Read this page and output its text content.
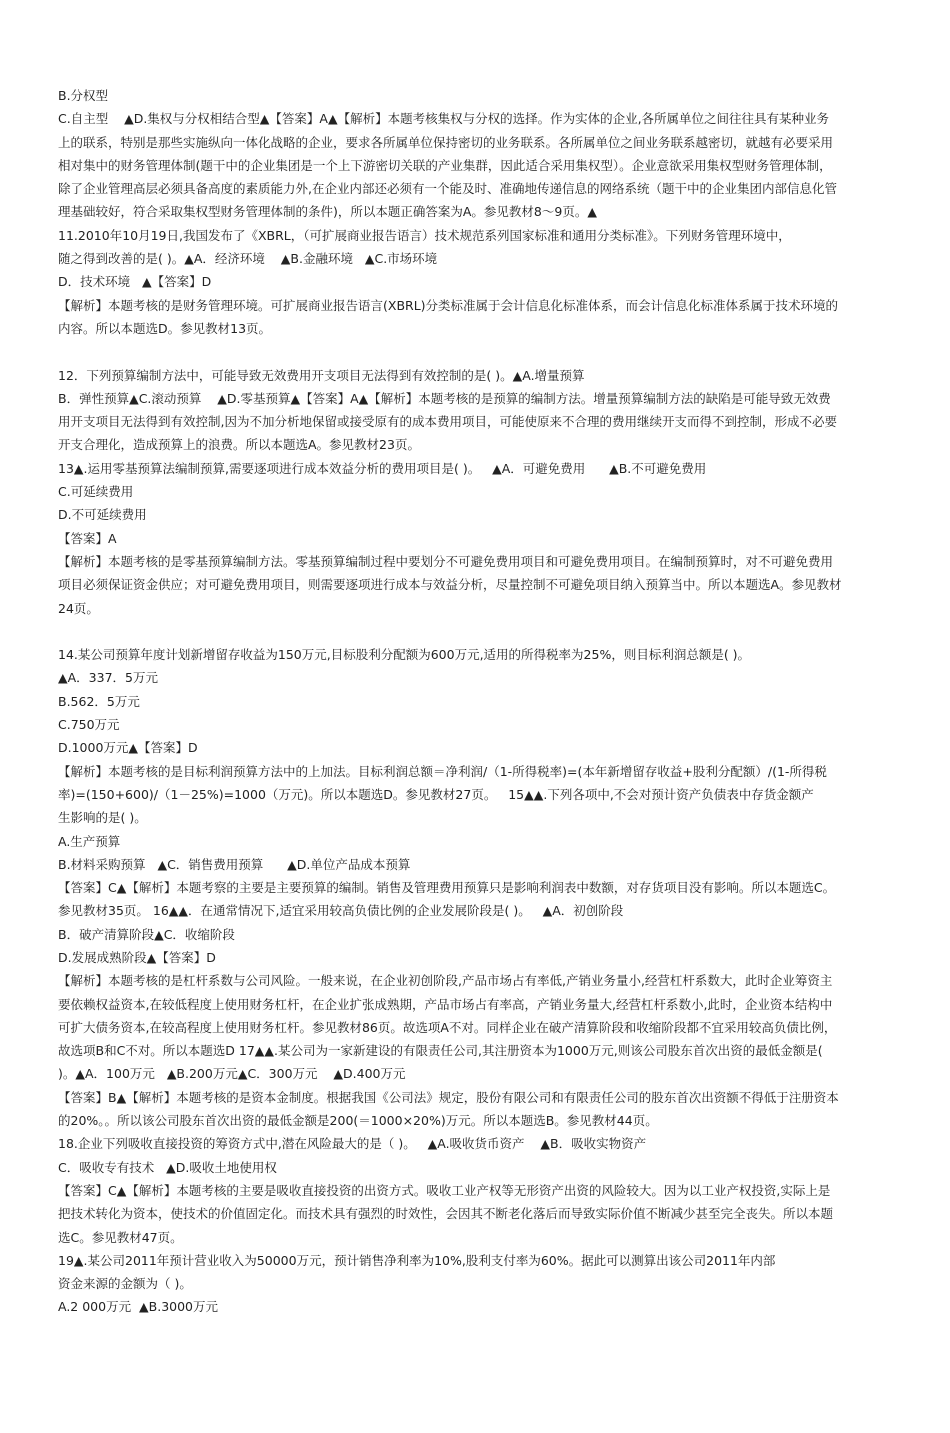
B.分权型
C.自主型    ▲D.集权与分权相结合型▲【答案】A▲【解析】本题考核集权与分权的选择。作为实体的企业,各所属单位之间往往具有某种业务
上的联系，特别是那些实施纵向一体化战略的企业，要求各所属单位保持密切的业务联系。各所属单位之间业务联系越密切，就越有必要采用
相对集中的财务管理体制(题干中的企业集团是一个上下游密切关联的产业集群，因此适合采用集权型）。企业意欲采用集权型财务管理体制，
除了企业管理高层必须具备高度的素质能力外,在企业内部还必须有一个能及时、准确地传递信息的网络系统（题干中的企业集团内部信息化管
理基础较好，符合采取集权型财务管理体制的条件)，所以本题正确答案为A。参见教材8～9页。▲
11.2010年10月19日,我国发布了《XBRL，（可扩展商业报告语言）技术规范系列国家标准和通用分类标准》。下列财务管理环境中，
随之得到改善的是( )。▲A．经济环境    ▲B.金融环境   ▲C.市场环境
D．技术环境   ▲【答案】D
【解析】本题考核的是财务管理环境。可扩展商业报告语言(XBRL)分类标准属于会计信息化标准体系，而会计信息化标准体系属于技术环境的
内容。所以本题选D。参见教材13页。
12．下列预算编制方法中，可能导致无效费用开支项目无法得到有效控制的是( )。▲A.增量预算
B．弹性预算▲C.滚动预算    ▲D.零基预算▲【答案】A▲【解析】本题考核的是预算的编制方法。增量预算编制方法的缺陷是可能导致无效费
用开支项目无法得到有效控制,因为不加分析地保留或接受原有的成本费用项目，可能使原来不合理的费用继续开支而得不到控制，形成不必要
开支合理化，造成预算上的浪费。所以本题选A。参见教材23页。
13▲.运用零基预算法编制预算,需要逐项进行成本效益分析的费用项目是( )。   ▲A．可避免费用      ▲B.不可避免费用
C.可延续费用
D.不可延续费用
【答案】A
【解析】本题考核的是零基预算编制方法。零基预算编制过程中要划分不可避免费用项目和可避免费用项目。在编制预算时，对不可避免费用
项目必须保证资金供应；对可避免费用项目，则需要逐项进行成本与效益分析，尽量控制不可避免项目纳入预算当中。所以本题选A。参见教材
24页。
14.某公司预算年度计划新增留存收益为150万元,目标股利分配额为600万元,适用的所得税率为25%，则目标利润总额是( )。
▲A．337．5万元
B.562．5万元
C.750万元
D.1000万元▲【答案】D
【解析】本题考核的是目标利润预算方法中的上加法。目标利润总额＝净利润/（1-所得税率)=(本年新增留存收益+股利分配额）/(1-所得税
率)=(150+600)/（1－25%)=1000（万元)。所以本题选D。参见教材27页。   15▲▲.下列各项中,不会对预计资产负债表中存货金额产
生影响的是( )。
A.生产预算
B.材料采购预算   ▲C．销售费用预算      ▲D.单位产品成本预算
【答案】C▲【解析】本题考察的主要是主要预算的编制。销售及管理费用预算只是影响利润表中数额，对存货项目没有影响。所以本题选C。
参见教材35页。 16▲▲．在通常情况下,适宜采用较高负债比例的企业发展阶段是( )。   ▲A．初创阶段
B．破产清算阶段▲C．收缩阶段
D.发展成熟阶段▲【答案】D
【解析】本题考核的是杠杆系数与公司风险。一般来说，在企业初创阶段,产品市场占有率低,产销业务量小,经营杠杆系数大，此时企业筹资主
要依赖权益资本,在较低程度上使用财务杠杆，在企业扩张成熟期，产品市场占有率高，产销业务量大,经营杠杆系数小,此时，企业资本结构中
可扩大债务资本,在较高程度上使用财务杠杆。参见教材86页。故选项A不对。同样企业在破产清算阶段和收缩阶段都不宜采用较高负债比例，
故选项B和C不对。所以本题选D 17▲▲.某公司为一家新建设的有限责任公司,其注册资本为1000万元,则该公司股东首次出资的最低金额是(
)。▲A．100万元   ▲B.200万元▲C．300万元    ▲D.400万元
【答案】B▲【解析】本题考核的是资本金制度。根据我国《公司法》规定，股份有限公司和有限责任公司的股东首次出资额不得低于注册资本
的20%。。所以该公司股东首次出资的最低金额是200(＝1000×20%)万元。所以本题选B。参见教材44页。
18.企业下列吸收直接投资的筹资方式中,潜在风险最大的是（ )。   ▲A.吸收货币资产    ▲B．吸收实物资产
C．吸收专有技术   ▲D.吸收土地使用权
【答案】C▲【解析】本题考核的主要是吸收直接投资的出资方式。吸收工业产权等无形资产出资的风险较大。因为以工业产权投资,实际上是
把技术转化为资本，使技术的价值固定化。而技术具有强烈的时效性，会因其不断老化落后而导致实际价值不断减少甚至完全丧失。所以本题
选C。参见教材47页。
19▲.某公司2011年预计营业收入为50000万元，预计销售净利率为10%,股利支付率为60%。据此可以测算出该公司2011年内部
资金来源的金额为（ )。
A.2 000万元  ▲B.3000万元
